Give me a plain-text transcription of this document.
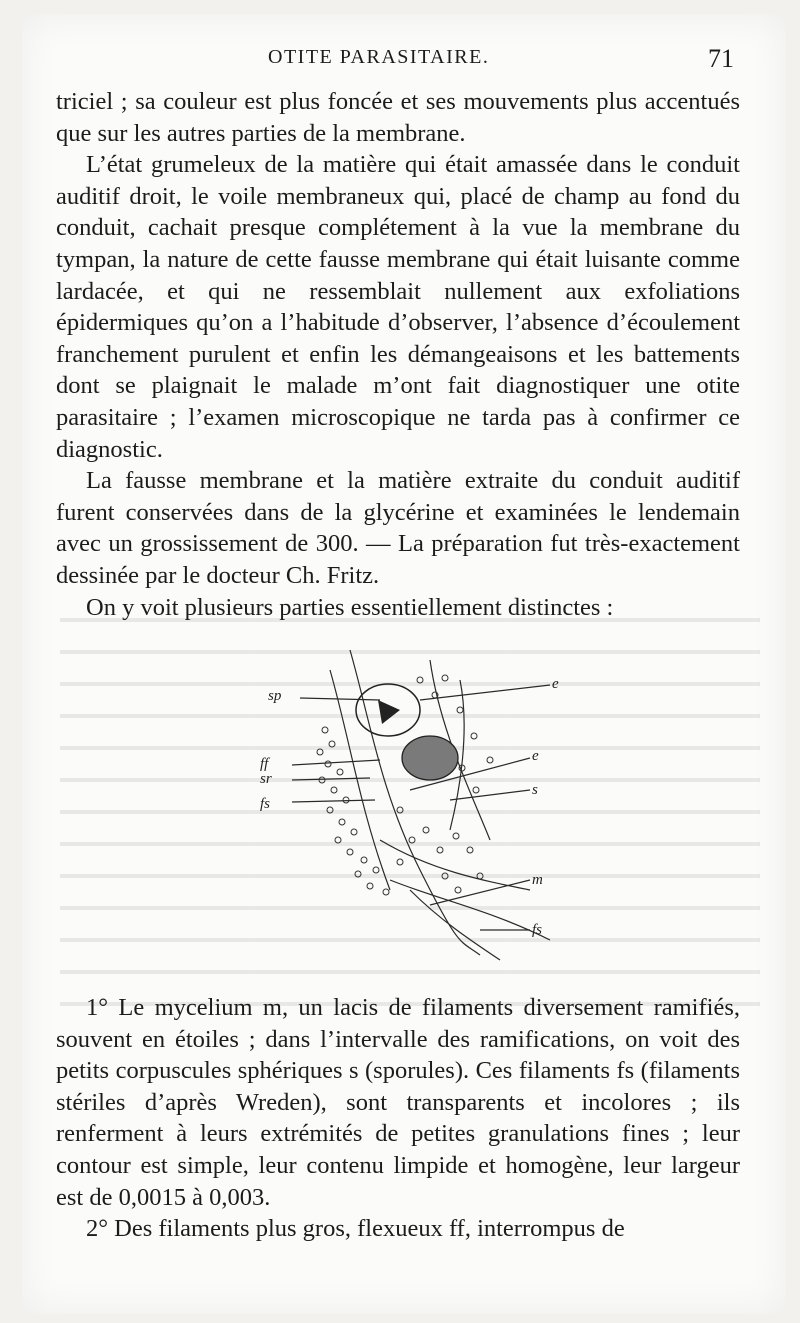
OTITE PARASITAIRE.	71

triciel ; sa couleur est plus foncée et ses mouvements plus accentués que sur les autres parties de la membrane.

L’état grumeleux de la matière qui était amassée dans le conduit auditif droit, le voile membraneux qui, placé de champ au fond du conduit, cachait presque complétement à la vue la membrane du tympan, la nature de cette fausse membrane qui était luisante comme lardacée, et qui ne ressemblait nullement aux exfoliations épidermiques qu’on a l’habitude d’observer, l’absence d’écoulement franchement purulent et enfin les démangeaisons et les battements dont se plaignait le malade m’ont fait diagnostiquer une otite parasitaire ; l’examen microscopique ne tarda pas à confirmer ce diagnostic.

La fausse membrane et la matière extraite du conduit auditif furent conservées dans de la glycérine et examinées le lendemain avec un grossissement de 300. — La préparation fut très-exactement dessinée par le docteur Ch. Fritz.

On y voit plusieurs parties essentiellement distinctes :

sp
ff
sr
fs
e
e
s
m
fs

1° Le mycelium m, un lacis de filaments diversement ramifiés, souvent en étoiles ; dans l’intervalle des ramifications, on voit des petits corpuscules sphériques s (sporules). Ces filaments fs (filaments stériles d’après Wreden), sont transparents et incolores ; ils renferment à leurs extrémités de petites granulations fines ; leur contour est simple, leur contenu limpide et homogène, leur largeur est de 0,0015 à 0,003.

2° Des filaments plus gros, flexueux ff, interrompus de
